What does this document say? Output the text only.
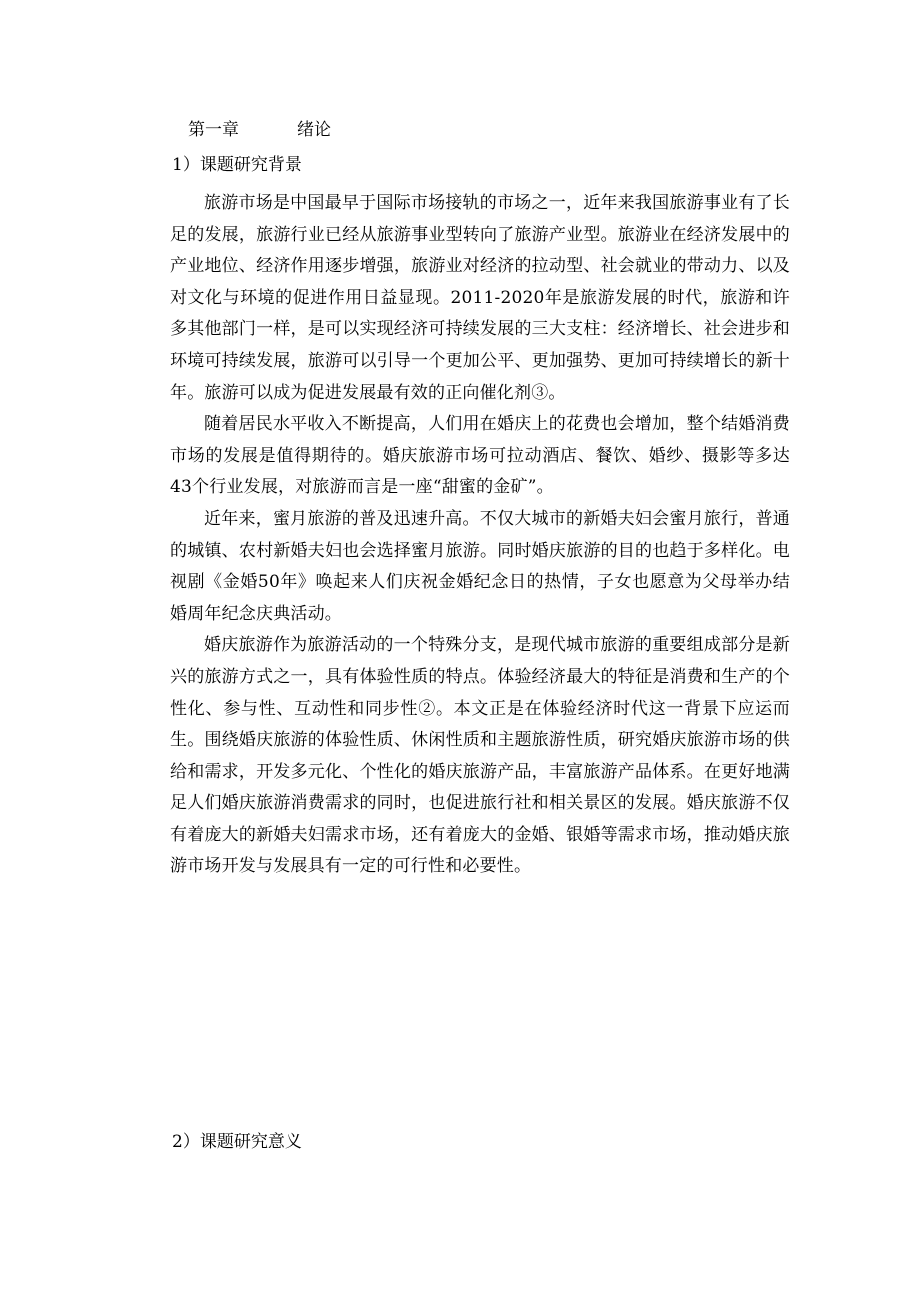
第一章	绪论
1）课题研究背景

旅游市场是中国最早于国际市场接轨的市场之一，近年来我国旅游事业有了长足的发展，旅游行业已经从旅游事业型转向了旅游产业型。旅游业在经济发展中的产业地位、经济作用逐步增强，旅游业对经济的拉动型、社会就业的带动力、以及对文化与环境的促进作用日益显现。2011-2020年是旅游发展的时代，旅游和许多其他部门一样，是可以实现经济可持续发展的三大支柱：经济增长、社会进步和环境可持续发展，旅游可以引导一个更加公平、更加强势、更加可持续增长的新十年。旅游可以成为促进发展最有效的正向催化剂③。

随着居民水平收入不断提高，人们用在婚庆上的花费也会增加，整个结婚消费市场的发展是值得期待的。婚庆旅游市场可拉动酒店、餐饮、婚纱、摄影等多达43个行业发展，对旅游而言是一座“甜蜜的金矿”。

近年来，蜜月旅游的普及迅速升高。不仅大城市的新婚夫妇会蜜月旅行，普通的城镇、农村新婚夫妇也会选择蜜月旅游。同时婚庆旅游的目的也趋于多样化。电视剧《金婚50年》唤起来人们庆祝金婚纪念日的热情，子女也愿意为父母举办结婚周年纪念庆典活动。

婚庆旅游作为旅游活动的一个特殊分支，是现代城市旅游的重要组成部分是新兴的旅游方式之一，具有体验性质的特点。体验经济最大的特征是消费和生产的个性化、参与性、互动性和同步性②。本文正是在体验经济时代这一背景下应运而生。围绕婚庆旅游的体验性质、休闲性质和主题旅游性质，研究婚庆旅游市场的供给和需求，开发多元化、个性化的婚庆旅游产品，丰富旅游产品体系。在更好地满足人们婚庆旅游消费需求的同时，也促进旅行社和相关景区的发展。婚庆旅游不仅有着庞大的新婚夫妇需求市场，还有着庞大的金婚、银婚等需求市场，推动婚庆旅游市场开发与发展具有一定的可行性和必要性。

2）课题研究意义
